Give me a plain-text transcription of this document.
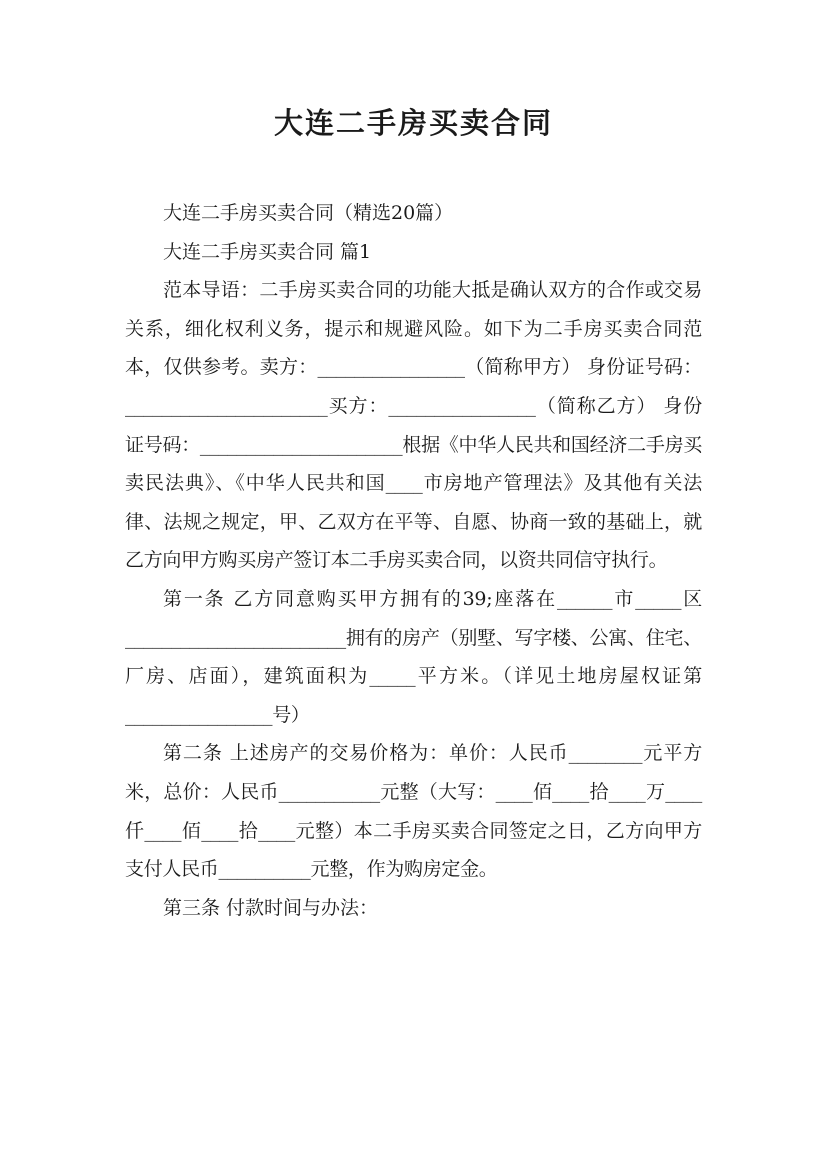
大连二手房买卖合同

大连二手房买卖合同（精选20篇）

大连二手房买卖合同 篇1

范本导语：二手房买卖合同的功能大抵是确认双方的合作或交易关系，细化权利义务，提示和规避风险。如下为二手房买卖合同范本，仅供参考。卖方：________________（简称甲方） 身份证号码：______________________买方：________________（简称乙方） 身份证号码：______________________根据《中华人民共和国经济二手房买卖民法典》、《中华人民共和国____市房地产管理法》及其他有关法律、法规之规定，甲、乙双方在平等、自愿、协商一致的基础上，就乙方向甲方购买房产签订本二手房买卖合同，以资共同信守执行。

第一条 乙方同意购买甲方拥有的39;座落在______市_____区________________________拥有的房产（别墅、写字楼、公寓、住宅、厂房、店面），建筑面积为_____平方米。（详见土地房屋权证第________________号）

第二条 上述房产的交易价格为：单价：人民币________元平方米，总价：人民币___________元整（大写：____佰____拾____万____仟____佰____拾____元整）本二手房买卖合同签定之日，乙方向甲方支付人民币__________元整，作为购房定金。

第三条 付款时间与办法：
